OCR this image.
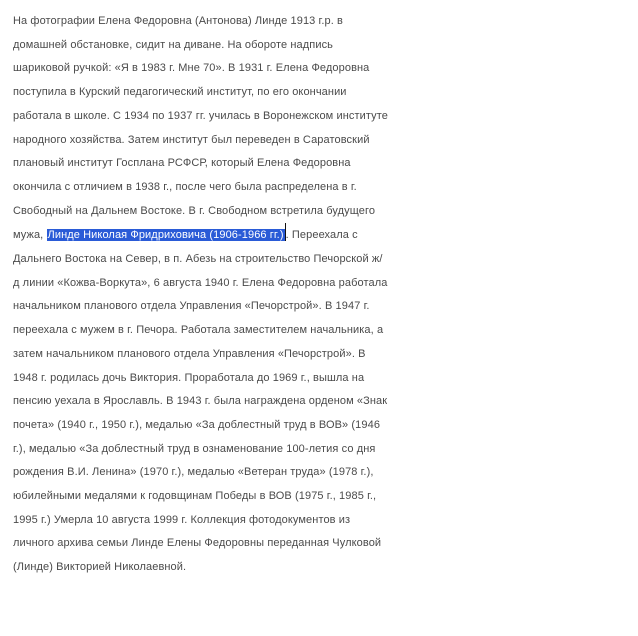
На фотографии Елена Федоровна (Антонова) Линде 1913 г.р. в
домашней обстановке, сидит на диване. На обороте надпись
шариковой ручкой: «Я в 1983 г. Мне 70». В 1931 г. Елена Федоровна
поступила в Курский педагогический институт, по его окончании
работала в школе. С 1934 по 1937 гг. училась в Воронежском институте
народного хозяйства. Затем институт был переведен в Саратовский
плановый институт Госплана РСФСР, который Елена Федоровна
окончила с отличием в 1938 г., после чего была распределена в г.
Свободный на Дальнем Востоке. В г. Свободном встретила будущего
мужа, Линде Николая Фридриховича (1906-1966 гг.) . Переехала с
Дальнего Востока на Север, в п. Абезь на строительство Печорской ж/
д линии «Кожва-Воркута», 6 августа 1940 г. Елена Федоровна работала
начальником планового отдела Управления «Печорстрой». В 1947 г.
переехала с мужем в г. Печора. Работала заместителем начальника, а
затем начальником планового отдела Управления «Печорстрой». В
1948 г. родилась дочь Виктория. Проработала до 1969 г., вышла на
пенсию уехала в Ярославль. В 1943 г. была награждена орденом «Знак
почета» (1940 г., 1950 г.), медалью «За доблестный труд в ВОВ» (1946
г.), медалью «За доблестный труд в ознаменование 100-летия со дня
рождения В.И. Ленина» (1970 г.), медалью «Ветеран труда» (1978 г.),
юбилейными медалями к годовщинам Победы в ВОВ (1975 г., 1985 г.,
1995 г.) Умерла 10 августа 1999 г. Коллекция фотодокументов из
личного архива семьи Линде Елены Федоровны переданная Чулковой
(Линде) Викторией Николаевной.
